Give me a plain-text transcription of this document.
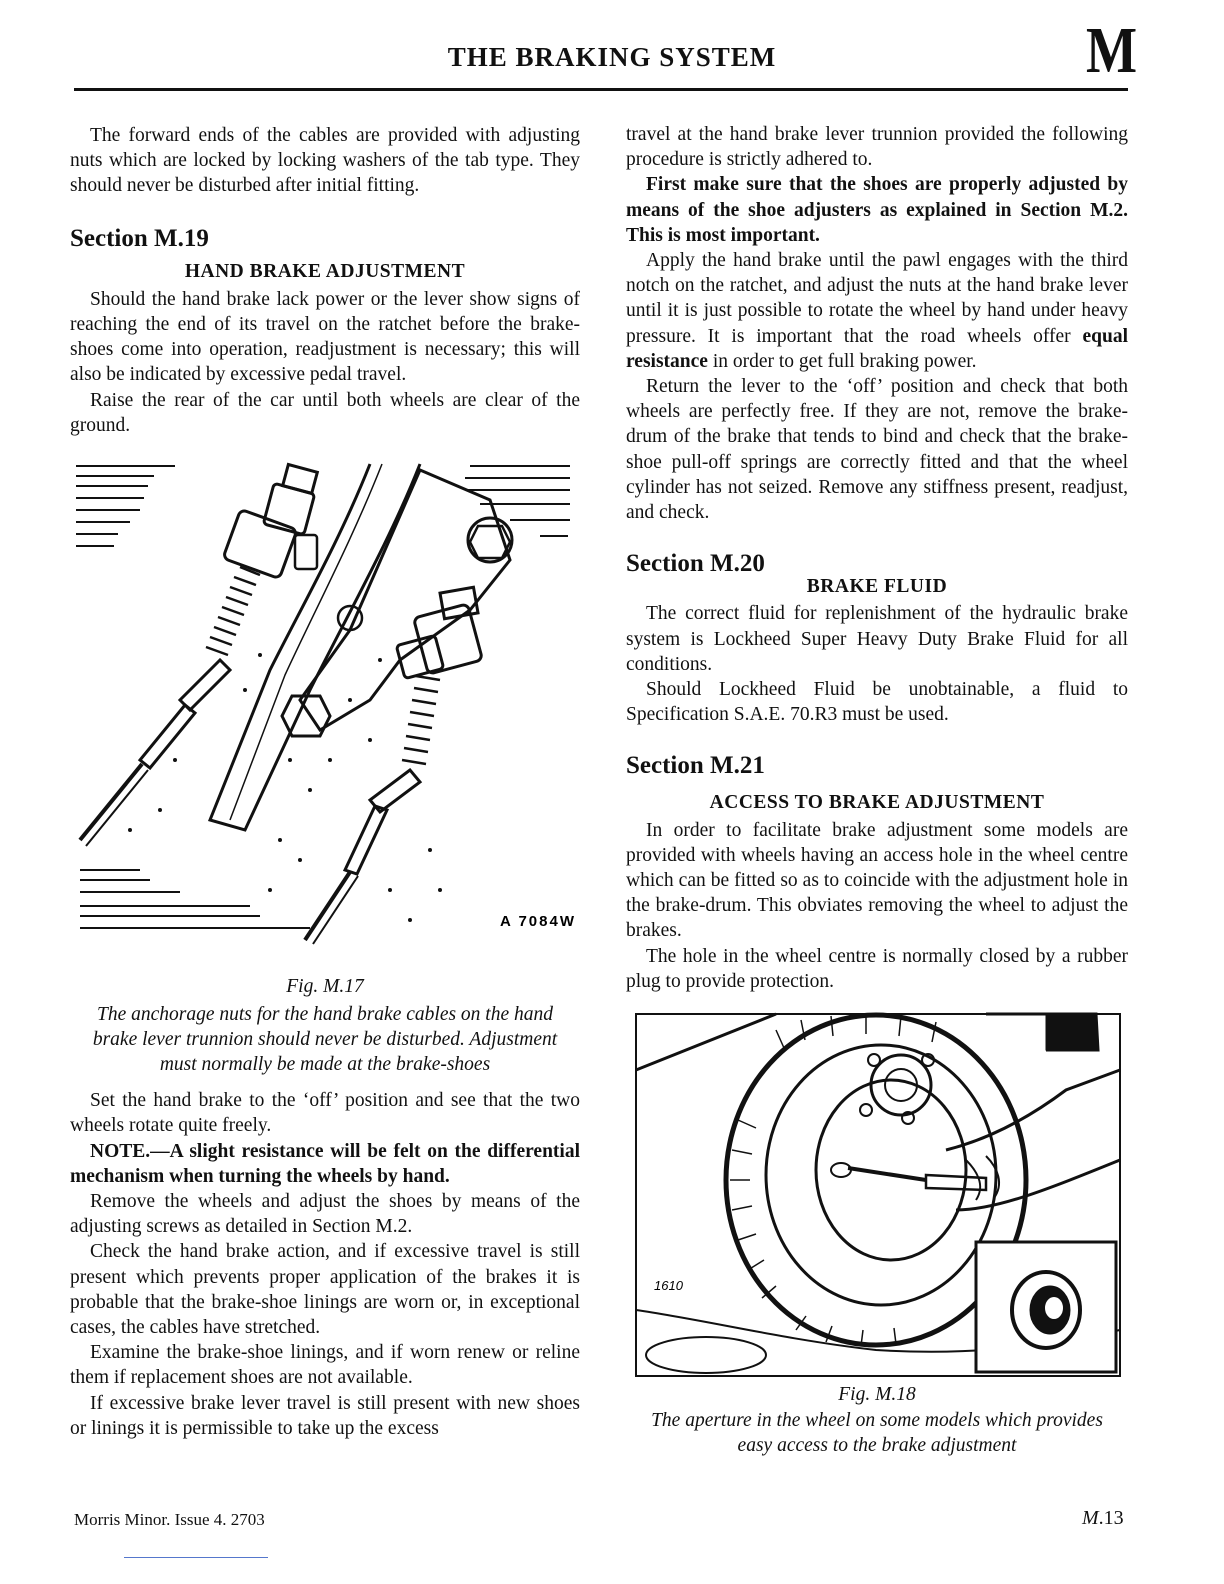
THE BRAKING SYSTEM	M

The forward ends of the cables are provided with adjusting nuts which are locked by locking washers of the tab type. They should never be disturbed after initial fitting.

Section M.19
HAND BRAKE ADJUSTMENT

Should the hand brake lack power or the lever show signs of reaching the end of its travel on the ratchet before the brake-shoes come into operation, readjustment is necessary; this will also be indicated by excessive pedal travel.

Raise the rear of the car until both wheels are clear of the ground.

A 7084W
Fig. M.17
The anchorage nuts for the hand brake cables on the hand brake lever trunnion should never be disturbed. Adjustment must normally be made at the brake-shoes

Set the hand brake to the ‘off’ position and see that the two wheels rotate quite freely.

NOTE.—A slight resistance will be felt on the differential mechanism when turning the wheels by hand.

Remove the wheels and adjust the shoes by means of the adjusting screws as detailed in Section M.2.

Check the hand brake action, and if excessive travel is still present which prevents proper application of the brakes it is probable that the brake-shoe linings are worn or, in exceptional cases, the cables have stretched.

Examine the brake-shoe linings, and if worn renew or reline them if replacement shoes are not available.

If excessive brake lever travel is still present with new shoes or linings it is permissible to take up the excess

travel at the hand brake lever trunnion provided the following procedure is strictly adhered to.

First make sure that the shoes are properly adjusted by means of the shoe adjusters as explained in Section M.2. This is most important.

Apply the hand brake until the pawl engages with the third notch on the ratchet, and adjust the nuts at the hand brake lever until it is just possible to rotate the wheel by hand under heavy pressure. It is important that the road wheels offer equal resistance in order to get full braking power.

Return the lever to the ‘off’ position and check that both wheels are perfectly free. If they are not, remove the brake-drum of the brake that tends to bind and check that the brake-shoe pull-off springs are correctly fitted and that the wheel cylinder has not seized. Remove any stiffness present, readjust, and check.

Section M.20
BRAKE FLUID

The correct fluid for replenishment of the hydraulic brake system is Lockheed Super Heavy Duty Brake Fluid for all conditions.

Should Lockheed Fluid be unobtainable, a fluid to Specification S.A.E. 70.R3 must be used.

Section M.21
ACCESS TO BRAKE ADJUSTMENT

In order to facilitate brake adjustment some models are provided with wheels having an access hole in the wheel centre which can be fitted so as to coincide with the adjustment hole in the brake-drum. This obviates removing the wheel to adjust the brakes.

The hole in the wheel centre is normally closed by a rubber plug to provide protection.

1610
Fig. M.18
The aperture in the wheel on some models which provides easy access to the brake adjustment
Morris Minor. Issue 4. 2703	M.13
